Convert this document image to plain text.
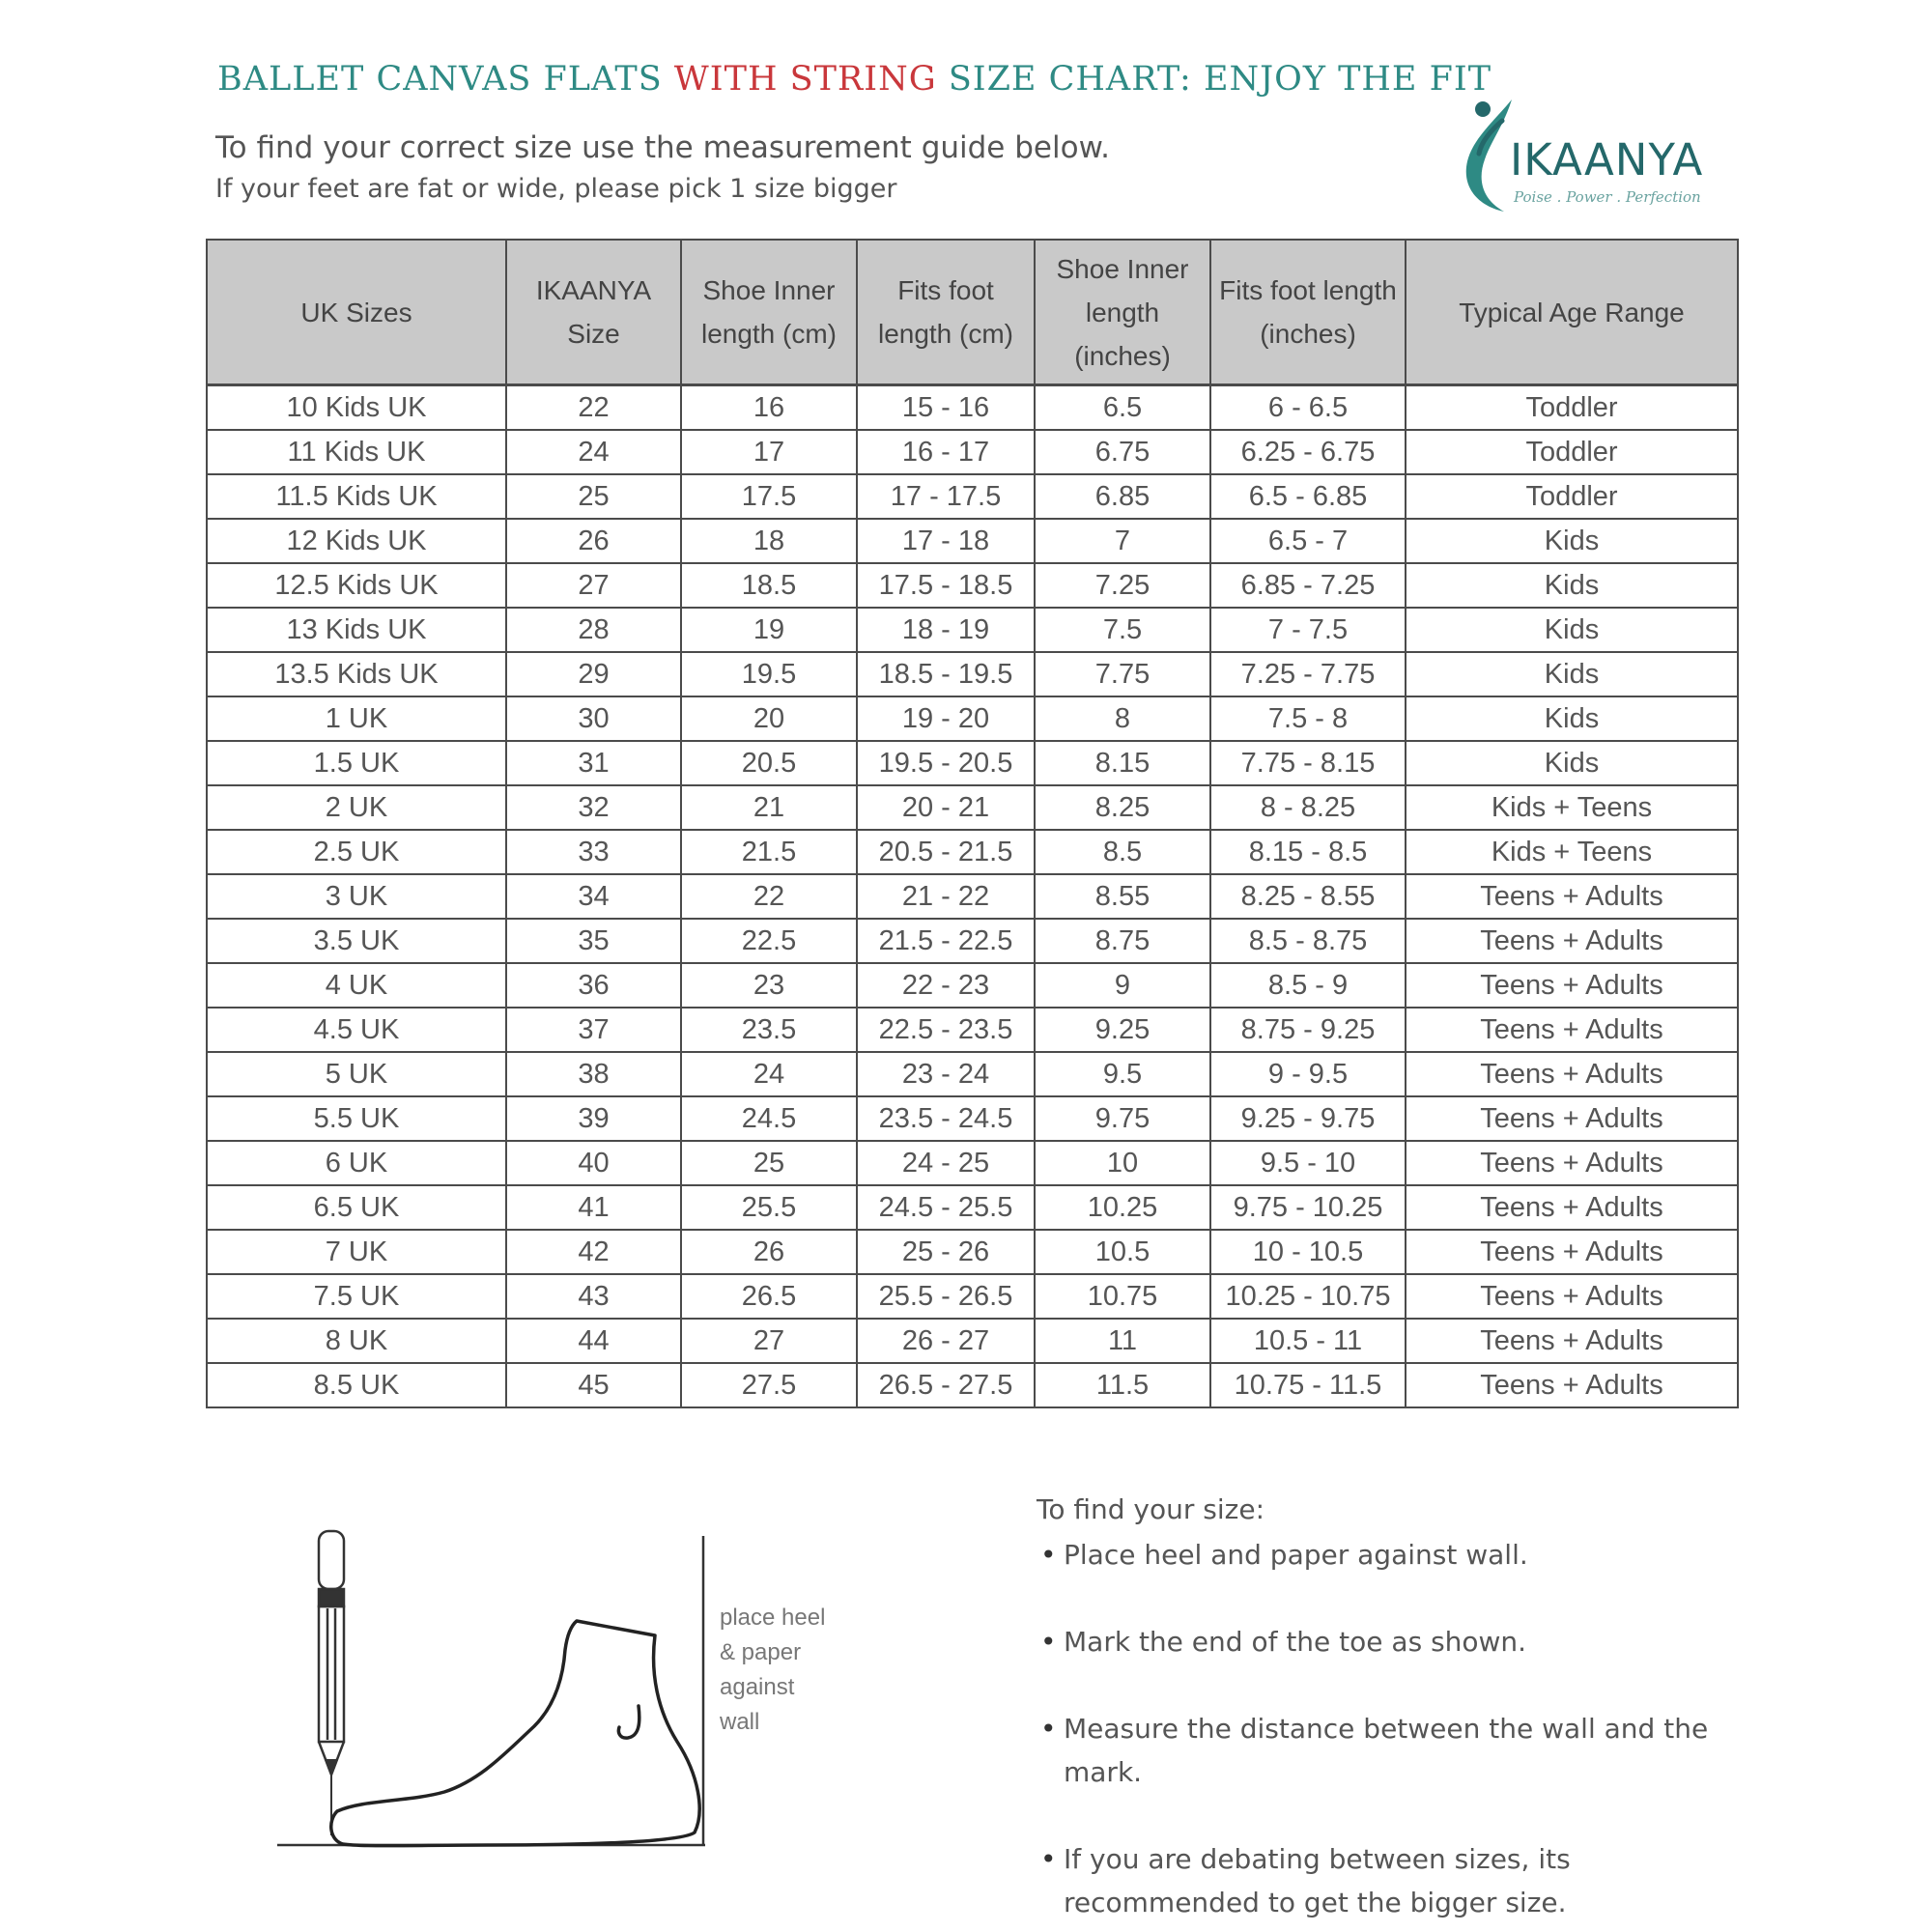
BALLET CANVAS FLATS WITH STRING SIZE CHART: ENJOY THE FIT
To find your correct size use the measurement guide below.
If your feet are fat or wide, please pick 1 size bigger
IKAANYA
Poise . Power . Perfection
UK Sizes	IKAANYA Size	Shoe Inner length (cm)	Fits foot length (cm)	Shoe Inner length (inches)	Fits foot length (inches)	Typical Age Range
10 Kids UK	22	16	15 - 16	6.5	6 - 6.5	Toddler
11 Kids UK	24	17	16 - 17	6.75	6.25 - 6.75	Toddler
11.5 Kids UK	25	17.5	17 - 17.5	6.85	6.5 - 6.85	Toddler
12 Kids UK	26	18	17 - 18	7	6.5 - 7	Kids
12.5 Kids UK	27	18.5	17.5 - 18.5	7.25	6.85 - 7.25	Kids
13 Kids UK	28	19	18 - 19	7.5	7 - 7.5	Kids
13.5 Kids UK	29	19.5	18.5 - 19.5	7.75	7.25 - 7.75	Kids
1 UK	30	20	19 - 20	8	7.5 - 8	Kids
1.5 UK	31	20.5	19.5 - 20.5	8.15	7.75 - 8.15	Kids
2 UK	32	21	20 - 21	8.25	8 - 8.25	Kids + Teens
2.5 UK	33	21.5	20.5 - 21.5	8.5	8.15 - 8.5	Kids + Teens
3 UK	34	22	21 - 22	8.55	8.25 - 8.55	Teens + Adults
3.5 UK	35	22.5	21.5 - 22.5	8.75	8.5 - 8.75	Teens + Adults
4 UK	36	23	22 - 23	9	8.5 - 9	Teens + Adults
4.5 UK	37	23.5	22.5 - 23.5	9.25	8.75 - 9.25	Teens + Adults
5 UK	38	24	23 - 24	9.5	9 - 9.5	Teens + Adults
5.5 UK	39	24.5	23.5 - 24.5	9.75	9.25 - 9.75	Teens + Adults
6 UK	40	25	24 - 25	10	9.5 - 10	Teens + Adults
6.5 UK	41	25.5	24.5 - 25.5	10.25	9.75 - 10.25	Teens + Adults
7 UK	42	26	25 - 26	10.5	10 - 10.5	Teens + Adults
7.5 UK	43	26.5	25.5 - 26.5	10.75	10.25 - 10.75	Teens + Adults
8 UK	44	27	26 - 27	11	10.5 - 11	Teens + Adults
8.5 UK	45	27.5	26.5 - 27.5	11.5	10.75 - 11.5	Teens + Adults
place heel & paper against wall

To find your size:

• Place heel and paper against wall.
• Mark the end of the toe as shown.
• Measure the distance between the wall and the mark.
• If you are debating between sizes, its recommended to get the bigger size.
